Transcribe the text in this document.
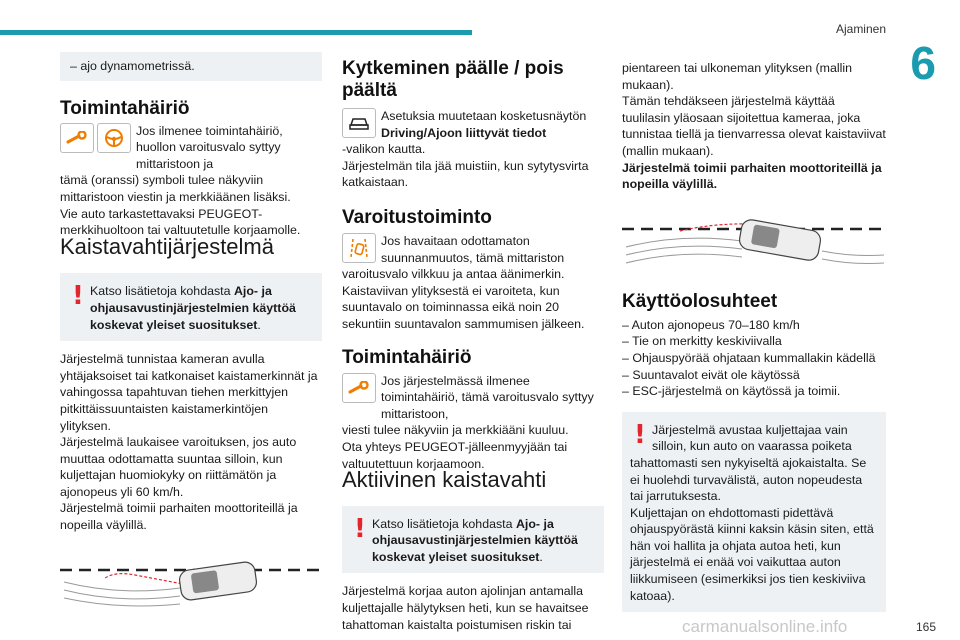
Ajaminen
6

– ajo dynamometrissä.

Toimintahäiriö

Jos ilmenee toimintahäiriö, huollon varoitusvalo syttyy mittaristoon ja

tämä (oranssi) symboli tulee näkyviin mittaristoon viestin ja merkkiäänen lisäksi.

Vie auto tarkastettavaksi PEUGEOT-merkkihuoltoon tai valtuutetulle korjaamolle.

Kaistavahtijärjestelmä
! Katso lisätietoja kohdasta Ajo- ja ohjausavustinjärjestelmien käyttöä koskevat yleiset suositukset.

Järjestelmä tunnistaa kameran avulla yhtäjaksoiset tai katkonaiset kaistamerkinnät ja vahingossa tapahtuvan tiehen merkittyjen pitkittäissuuntaisten kaistamerkintöjen ylityksen.

Järjestelmä laukaisee varoituksen, jos auto muuttaa odottamatta suuntaa silloin, kun kuljettajan huomiokyky on riittämätön ja ajonopeus yli 60 km/h.

Järjestelmä toimii parhaiten moottoriteillä ja nopeilla väylillä.

Kytkeminen päälle / pois päältä

Asetuksia muutetaan kosketusnäytön Driving/Ajoon liittyvät tiedot

-valikon kautta.

Järjestelmän tila jää muistiin, kun sytytysvirta katkaistaan.

Varoitustoiminto

Jos havaitaan odottamaton suunnanmuutos, tämä mittariston

varoitusvalo vilkkuu ja antaa äänimerkin.

Kaistaviivan ylityksestä ei varoiteta, kun suuntavalo on toiminnassa eikä noin 20 sekuntiin suuntavalon sammumisen jälkeen.

Toimintahäiriö

Jos järjestelmässä ilmenee toimintahäiriö, tämä varoitusvalo syttyy mittaristoon,

viesti tulee näkyviin ja merkkiääni kuuluu.

Ota yhteys PEUGEOT-jälleenmyyjään tai valtuutettuun korjaamoon.

Aktiivinen kaistavahti
! Katso lisätietoja kohdasta Ajo- ja ohjausavustinjärjestelmien käyttöä koskevat yleiset suositukset.

Järjestelmä korjaa auton ajolinjan antamalla kuljettajalle hälytyksen heti, kun se havaitsee tahattoman kaistalta poistumisen riskin tai

pientareen tai ulkoneman ylityksen (mallin mukaan).

Tämän tehdäkseen järjestelmä käyttää tuulilasin yläosaan sijoitettua kameraa, joka tunnistaa tiellä ja tienvarressa olevat kaistaviivat (mallin mukaan).

Järjestelmä toimii parhaiten moottoriteillä ja nopeilla väylillä.

Käyttöolosuhteet

– Auton ajonopeus 70–180 km/h

– Tie on merkitty keskiviivalla

– Ohjauspyörää ohjataan kummallakin kädellä

– Suuntavalot eivät ole käytössä

– ESC-järjestelmä on käytössä ja toimii.

! Järjestelmä avustaa kuljettajaa vain silloin, kun auto on vaarassa poiketa

tahattomasti sen nykyiseltä ajokaistalta. Se ei huolehdi turvavälistä, auton nopeudesta tai jarrutuksesta.

Kuljettajan on ehdottomasti pidettävä ohjauspyörästä kiinni kaksin käsin siten, että hän voi hallita ja ohjata autoa heti, kun järjestelmä ei enää voi vaikuttaa auton liikkumiseen (esimerkiksi jos tien keskiviiva katoaa).

carmanualsonline.info	165
